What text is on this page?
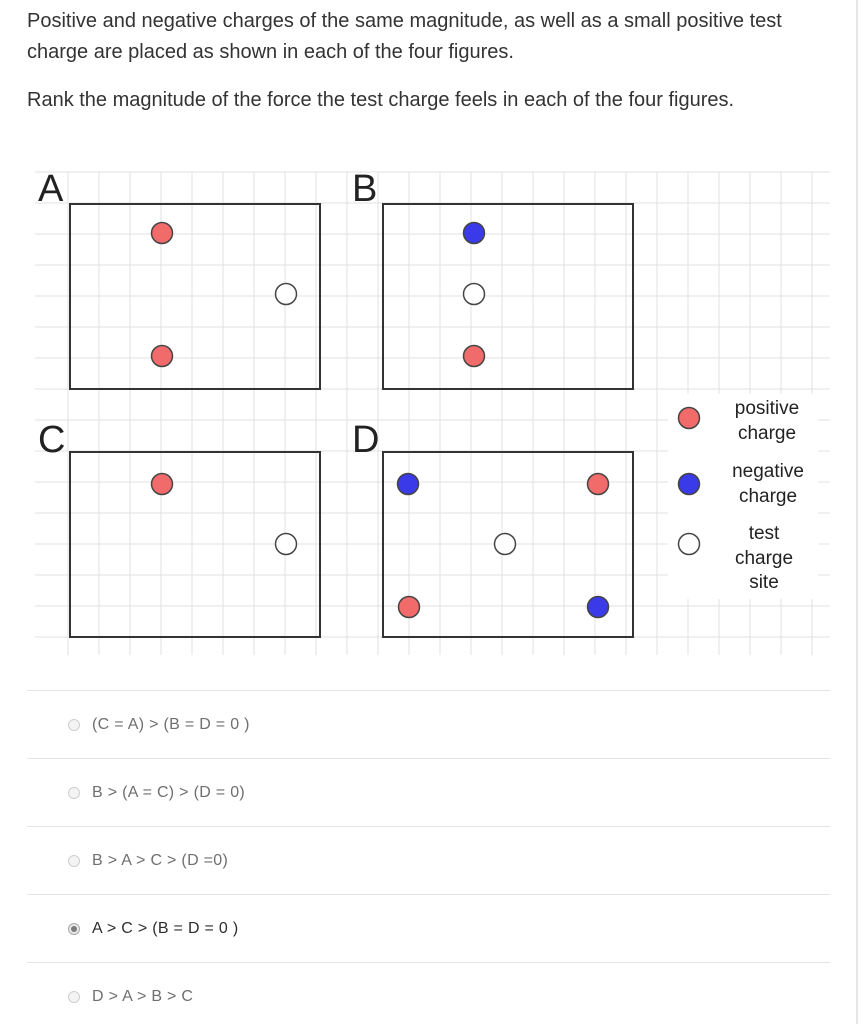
Positive and negative charges of the same magnitude, as well as a small positive test charge are placed as shown in each of the four figures.

Rank the magnitude of the force the test charge feels in each of the four figures.

A	B
C	D
positive
charge
negative
charge
test
charge
site
(C = A) > (B = D = 0 )
B > (A = C) > (D = 0)
B > A > C > (D =0)
A > C > (B = D = 0 )
D > A > B > C
